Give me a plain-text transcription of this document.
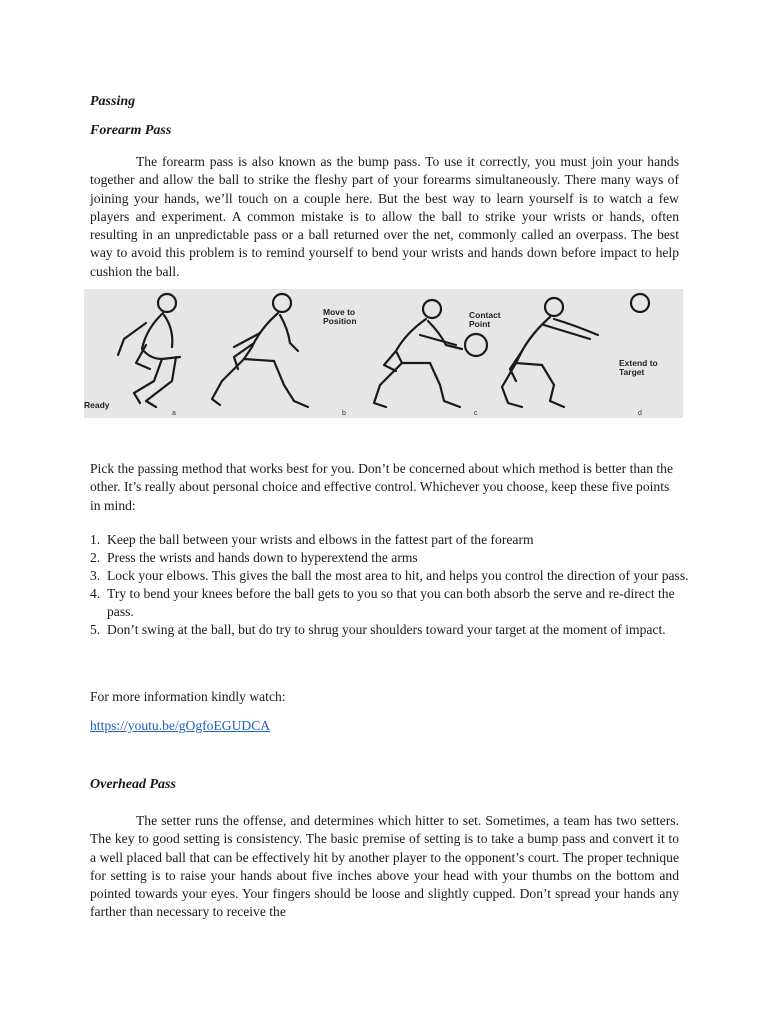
Passing

Forearm Pass

The forearm pass is also known as the bump pass. To use it correctly, you must join your hands together and allow the ball to strike the fleshy part of your forearms simultaneously. There many ways of joining your hands, we’ll touch on a couple here. But the best way to learn yourself is to watch a few players and experiment. A common mistake is to allow the ball to strike your wrists or hands, often resulting in an unpredictable pass or a ball returned over the net, commonly called an overpass. The best way to avoid this problem is to remind yourself to bend your wrists and hands down before impact to help cushion the ball.

Ready
Move to
Position
Contact
Point
Extend to
Target
a	b	c	d

Pick the passing method that works best for you. Don’t be concerned about which method is better than the other. It’s really about personal choice and effective control. Whichever you choose, keep these five points in mind:

1. Keep the ball between your wrists and elbows in the fattest part of the forearm
2. Press the wrists and hands down to hyperextend the arms
3. Lock your elbows. This gives the ball the most area to hit, and helps you control the direction of your pass.
4. Try to bend your knees before the ball gets to you so that you can both absorb the serve and re-direct the pass.
5. Don’t swing at the ball, but do try to shrug your shoulders toward your target at the moment of impact.

For more information kindly watch:

https://youtu.be/gOgfoEGUDCA

Overhead Pass

The setter runs the offense, and determines which hitter to set. Sometimes, a team has two setters. The key to good setting is consistency. The basic premise of setting is to take a bump pass and convert it to a well placed ball that can be effectively hit by another player to the opponent’s court. The proper technique for setting is to raise your hands about five inches above your head with your thumbs on the bottom and pointed towards your eyes. Your fingers should be loose and slightly cupped. Don’t spread your hands any farther than necessary to receive the
